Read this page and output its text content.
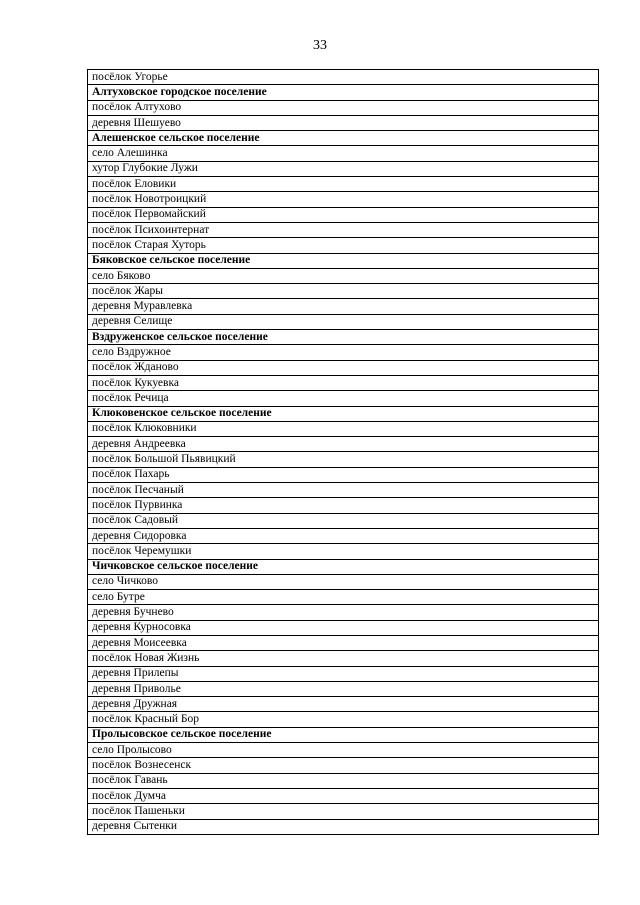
33
посёлок Угорье
Алтуховское городское поселение
посёлок Алтухово
деревня Шешуево
Алешенское сельское поселение
село Алешинка
хутор Глубокие Лужи
посёлок Еловики
посёлок Новотроицкий
посёлок Первомайский
посёлок Психоинтернат
посёлок Старая Хуторь
Бяковское сельское поселение
село Бяково
посёлок Жары
деревня Муравлевка
деревня Селище
Вздруженское сельское поселение
село Вздружное
посёлок Жданово
посёлок Кукуевка
посёлок Речица
Клюковенское сельское поселение
посёлок Клюковники
деревня Андреевка
посёлок Большой Пьявицкий
посёлок Пахарь
посёлок Песчаный
посёлок Пурвинка
посёлок Садовый
деревня Сидоровка
посёлок Черемушки
Чичковское сельское поселение
село Чичково
село Бутре
деревня Бучнево
деревня Курносовка
деревня Моисеевка
посёлок Новая Жизнь
деревня Прилепы
деревня Приволье
деревня Дружная
посёлок Красный Бор
Пролысовское сельское поселение
село Пролысово
посёлок Вознесенск
посёлок Гавань
посёлок Думча
посёлок Пашеньки
деревня Сытенки
